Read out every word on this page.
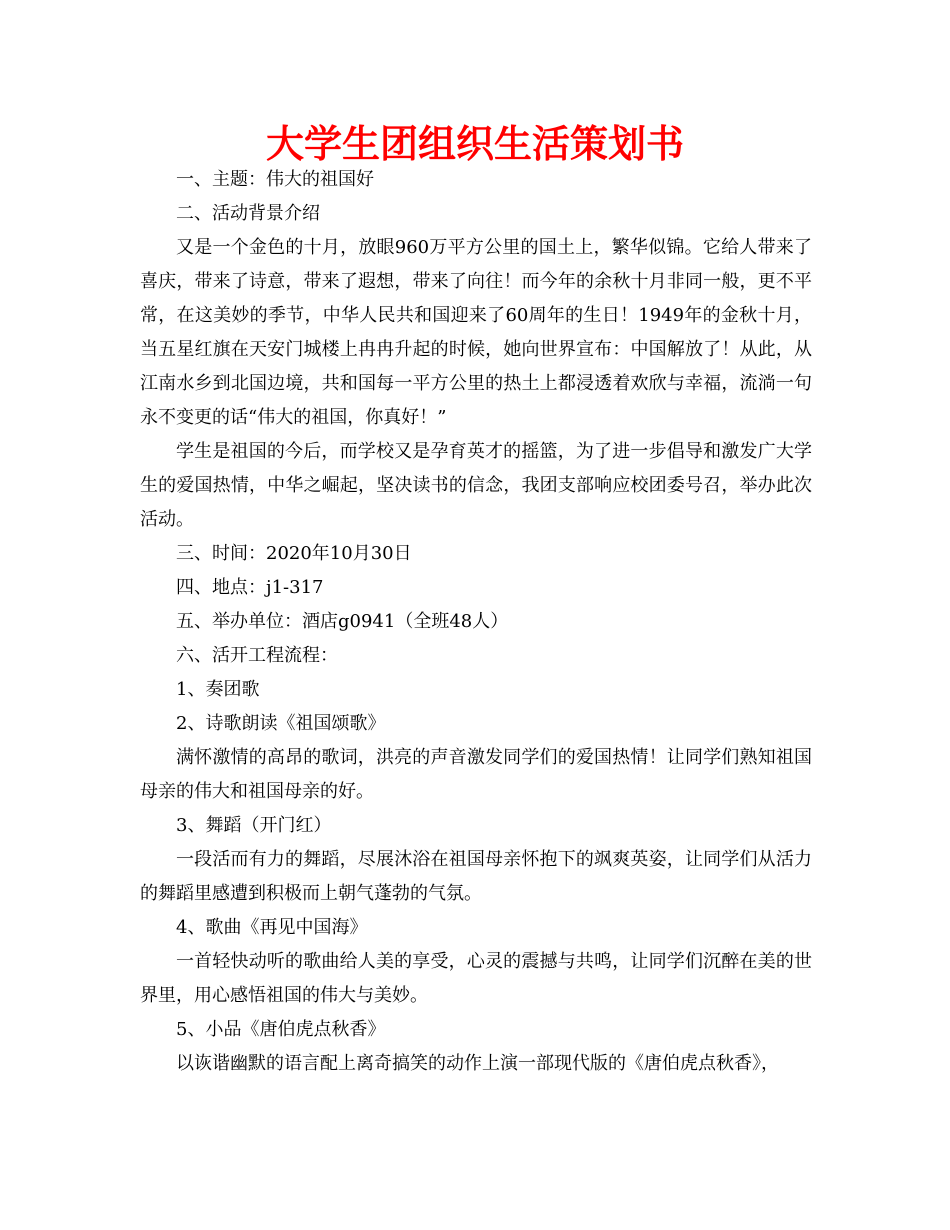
大学生团组织生活策划书

一、主题：伟大的祖国好

二、活动背景介绍

又是一个金色的十月，放眼960万平方公里的国土上，繁华似锦。它给人带来了喜庆，带来了诗意，带来了遐想，带来了向往！而今年的余秋十月非同一般，更不平常，在这美妙的季节，中华人民共和国迎来了60周年的生日！1949年的金秋十月，当五星红旗在天安门城楼上冉冉升起的时候，她向世界宣布：中国解放了！从此，从江南水乡到北国边境，共和国每一平方公里的热土上都浸透着欢欣与幸福，流淌一句永不变更的话“伟大的祖国，你真好！”

学生是祖国的今后，而学校又是孕育英才的摇篮，为了进一步倡导和激发广大学生的爱国热情，中华之崛起，坚决读书的信念，我团支部响应校团委号召，举办此次活动。

三、时间：2020年10月30日

四、地点：j1-317

五、举办单位：酒店g0941（全班48人）

六、活开工程流程：

1、奏团歌

2、诗歌朗读《祖国颂歌》

满怀激情的高昂的歌词，洪亮的声音激发同学们的爱国热情！让同学们熟知祖国母亲的伟大和祖国母亲的好。

3、舞蹈（开门红）

一段活而有力的舞蹈，尽展沐浴在祖国母亲怀抱下的飒爽英姿，让同学们从活力的舞蹈里感遭到积极而上朝气蓬勃的气氛。

4、歌曲《再见中国海》

一首轻快动听的歌曲给人美的享受，心灵的震撼与共鸣，让同学们沉醉在美的世界里，用心感悟祖国的伟大与美妙。

5、小品《唐伯虎点秋香》

以诙谐幽默的语言配上离奇搞笑的动作上演一部现代版的《唐伯虎点秋香》，
